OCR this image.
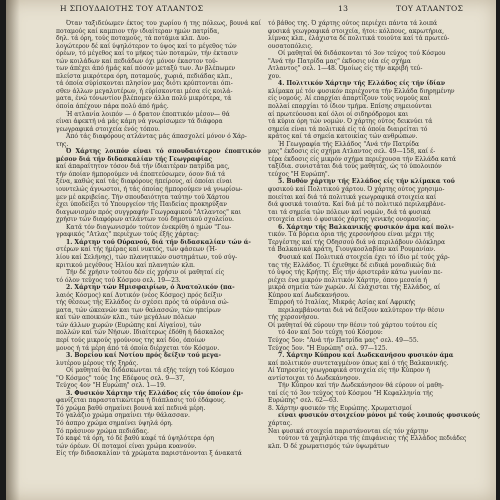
Η ΣΠΟΥΔΑΙΟΤΗΣ ΤΟΥ ΑΤΛΑΝΤΟΣ	13	ΤΟΥ ΑΤΛΑΝΤΟΣ

Όταν ταξιδεύωμεν έκτος του χωρίου ή της πόλεως, βουνά καί ποταμούς καί καμπιον τήν ιδιαίτεραν ημών πατρίδα,

δηλ. τά όρη, τούς ποταμούς, τά ποτάμια κλπ. Δυο-

λογώτερον δέ καί ύψηλότερον το ύψος καί το μέγεθος τών

όρέων, τό μέγεθος καί το μήκος τών ποταμών, τήν έκτασιν

τών κοιλάδων καί πεδιάδων όχι μόνον έκαστον τού-

των άπέχει άπό ήμάς καί πόσον μεταξύ των. Άν βλέπωμεν

πλείστα μικρότερα όρη, ποταμούς, χωριά, πεδιάδας κλπ.,

τά όποία σύρίσκονται πλησίον μας διότι κρύπτονται όπι-

σθεν άλλων μεγαλυτέρων, ή εύρίσκονται μέσα είς κοιλά-

ματα, ένώ τόνωντίον βλέπομεν άλλα πολύ μικρότερα, τά

όποία άπέχουν πάρα πολύ άπό ήμάς.

Ή ατλανία λοιπόν — ό δρατον έποπτικόν μέσον— θά

είναι άφεκτή νά μάς κάμη νά γνωρίσωμεν τά διάφορα

γεωγραφικά στοιχεία ένός τόπου.

Άπό τάς διαφόρους ατλάντας μάς άπασχολεί μόνον ό Χάρ-

της.

Ό Χάρτης λοιπόν είναι τό σπουδαιότερον έποπτικόν μέσον διά τήν διδασκαλίαν τής Γεωγραφίας

καί άπαραίτητον τόσον διά τήν ίδιαιτέραν πατρίδα μας,

τήν όποίαν ήμπορούμεν νά έποπτεύσωμεν, όσον διά τά

ξένα, καθώς καί τάς διαφόρους ήπείρους, αί όποίαι είναι

ιουντελώς άγνωστοι, ή τάς όποίας ήμπορούμεν νά γνωρίσω-

μεν μέ ακριβείας. Τήν σπουδαιότητα ταύτην τού Χάρτου

έχει ύποδείξει τό Υπουργείον τής Παιδείας προκηρύξαν

διαγωνισμόν πρός συγγραφήν Γεωγραφικού "Ατλαντος" και

χρήσιν τών διαφόρων ατλάντων τού δημοτικού σχολείου.

Κατά τόν διαγωνισμόν τούτον ένεκρίθη ό ημών "Γεω-

γραφικός "Ατλας" περιέχων τούς έξής χάρτας:

1. Χάρτην τού Ούρανού, διά τήν διδασκαλίαν τών ά-

στέρων καί τής ήμέρας καί νυκτός, τών φάσεων (Ή-

λίου καί Σελήνης), τών πλανητικών συστημάτων, τού σύγ-

κριτικού μεγέθους Ήλίου καί πλανητών κλπ.

Τήν δέ χρήσιν τούτου δέν είς χρήσιν οί μαθηταί είς

τό όλον τεύχος τού Κόσμου σελ. 19—23.

2. Χάρτην τών Ημισφαιρίων, ό Άνατολικόν (πα-

λαιός Κόσμος) καί Δυτικόν (νέος Κόσμος) πρός δείξιν

τής θέσεως τής Ελλάδος έν σχέσει πρός τά ούράνια σώ-

ματα, τών ώκεανών και των θαλασσών, τών ηπείρων

καί τών αποικιών κλπ., τών μεγάλων πόλεων

τών άλλων χωρών (Ευρώπης καί Αίγαίου), τών

πολλών καί τών Νήσων. Ιδιαίτερως έδόθη ή δάσκαλος

περί τούς μικρούς γρούνους της καί δύο, όποίων

μονος ή τά μέρη άπό τά όποία διέρχεται τόν Κόσμον.

3. Βορείου καί Νοτίου πρός δείξιν τού μεγα-

λυτέρου μέρους τής ξηράς.

Οί μαθηταί θα διδάσκωνται τά εξής τεύχη τού Κόσμου

"Ο Κόσμος" τούς 1ης Εδέφους σελ. 9—37,

Τεύχος 4ον "Η Ευρώπη" σελ. 1—19.

3. Φυσικόν Χάρτην τής Ελλάδος είς τόν όποίον έμ-

φανίζεται παραστατικώτερα ή διάπλασις τού έδάφους.

Τό χρώμα βαθύ σημαίνει βουνά καί πεδινά μέρη.

Τό γαλάζιο χρώμα σημαίνει τήν θάλασσαν.

Τό άσπρο χρώμα σημαίνει ύψηλά όρη.

Τό πράσινον χρώμα πεδιάδας.

Τό καφέ τά όρη, τό δέ βαθύ καφέ τά ύψηλότερα όρη

τών όρέων. Οί ποταμοί είναι χρώμα κυανούν.

Είς τήν διδασκαλίαν τά χρώματα παριστάνονται ξ άνακατά

τό βάθος της. Ό χάρτης ούτος περιέχει πάντα τά λοιπά

φυσικά γεωγραφικά στοιχεία, ήτοι: κόλπους, ακρωτήρια,

λίμνας κλπ., έλάχιστα δέ πολιτικά τοιούτα καί τά πρωτεύ-

ουσατοπόλεις.

Οί μαθηταί θά διδάσκονται τό 3ον τεύχος τού Κόσμου

"Ανά τήν Πατρίδα μας" έκδοσις νέα είς σχήμα

Ατλαντος" σελ. 1—48. Όμοίως είς τήν ακριβή τεύ-

χου.

4. Πολιτικόν Χάρτην τής Ελλάδος είς τήν ίδίαν

κλίμακα μέ τόν φυσικόν περιέχοντα τήν Ελλάδα διηρημένην

είς νομούς. Αί επαρχίαι άπαρτίζουν τούς νομούς καί

πολλαί επαρχίαι τό ίδιον τμήμα. Επίσης σημειούνται

αί πρωτεύουσαι καί όλοι οί σιδηρόδρομοι και

τά κύρια όρη τών νομών. Ό χάρτης ούτος δεικνύει τά

σημεία είναι τά πολιτικά είς τά όποία διαιρείται τό

κράτος καί τά σημεία κατοικίας τών ανθρώπων.

Ή Γεωγραφία τής Ελλάδος "Ανά τήν Πατρίδα

μας" έκδοσις είς σχήμα Ατλαντος σελ. 49—158, καί έ-

τέρα έκδοσις είς μικρόν σχήμα περιέχουσα τήν Ελλάδα κατά

ταξίδια. συνιστάται διά τούς μαθητάς, ώς τό ύπολοιπόν

τεύχος "Η Ευρώπη".

5. Βυθόν χάρτην τής Ελλάδος είς τήν κλίμακα τού

φυσικού καί Πολιτικού χάρτου. Ό χάρτης ούτος χρησιμο-

ποιείται καί διά τά πολιτικά γεωγραφικά στοιχεία καί

διά φυσικά τοιαύτα. Καί διά μέ τό πολιτικό περιλαμβάνε-

ται τά σημεία τών πόλεων καί νομών, διά τά φυσικά

στοιχεία είναι ό φυσικός χάρτης γενικής ονομασίας.

6. Χάρτην τής Βαλκανικής φυσικόν άμα καί πολι-

τικόν. Τά βόρεια όρια τής χερσονήσου είναι μέχρι τής

Τεργέστης καί τής Οδησσού διά νά περιλάβουν όλόκληρα

τά Βαλκανικά κράτη, Γιουγκοσλαβίαν καί Ρουμανίαν.

Φυσικά καί Πολιτικά στοιχεία έχει τό ίδιο μέ τούς χάρ-

τας τής Ελλάδος. Τί έχιεθηκε δέ ειδικά μοναδικώς διά

τό ύψος τής Κρήτης. Είς τήν άριστεράν κάτω γωνίαν πε-

ριέχει ένα μικρόν πολιτικόν Χάρτην, όπου μεσαία ή

μικρά σημεία τών χωρών. Αί έλάχισται τής Ελλάδος, αί

Κύπρου καί Δωδεκανήσου.

Έπιρροή τό Ιταλίας, Μικράς Ασίας καί Αφρικής

περιλαμβάνονται διά νά δείξουν καλύτερον τήν θέσιν

τής χερσονήσου.

Οί μαθηταί θά εύρουν την θέσιν τού χάρτου τούτου είς

τό 4ον καί 5ον τεύχη τού Κόσμου:

Τεύχος 5ον: "Ανά τήν Πατρίδα μας" σελ. 49—55.

Τεύχος 5ον. "Η Ευρώπη" σελ. 97—125.

7. Χάρτην Κύπρου καί Δωδεκανήσου φυσικόν άμα

καί πολιτικόν συντεταγμένον όπως καί ό τής Βαλκανικής.

Αί Υπηρεσίες γεωγραφικά στοιχεία είς τήν Κύπρον ή

αντίστοιχαι τό Δωδεκάνησον.

Τήν Κύπρον καί τήν Δωδεκάνησον θά εύρουν οί μαθη-

ταί είς τό 3ον τεύχος τού Κόσμου "Η Κεφαλληνία τής

Ευρώπης" σελ. 62—63.

8. Χάρτην φυσικόν τής Ευρώπης. Χρωματισμοί

είναι φυσικόν στοιχείον μόνοι μέ τούς λοιπούς φυσικούς

χάρτας.

Ναι φυσικά στοιχεία παριστάνονται είς τόν χάρτην

τούτον τά χαμηλότερα τής έπιφάνειας τής Ελλάδος πεδιάδες

κλπ. Ό δέ χρωματισμός τών ύψωμάτων
